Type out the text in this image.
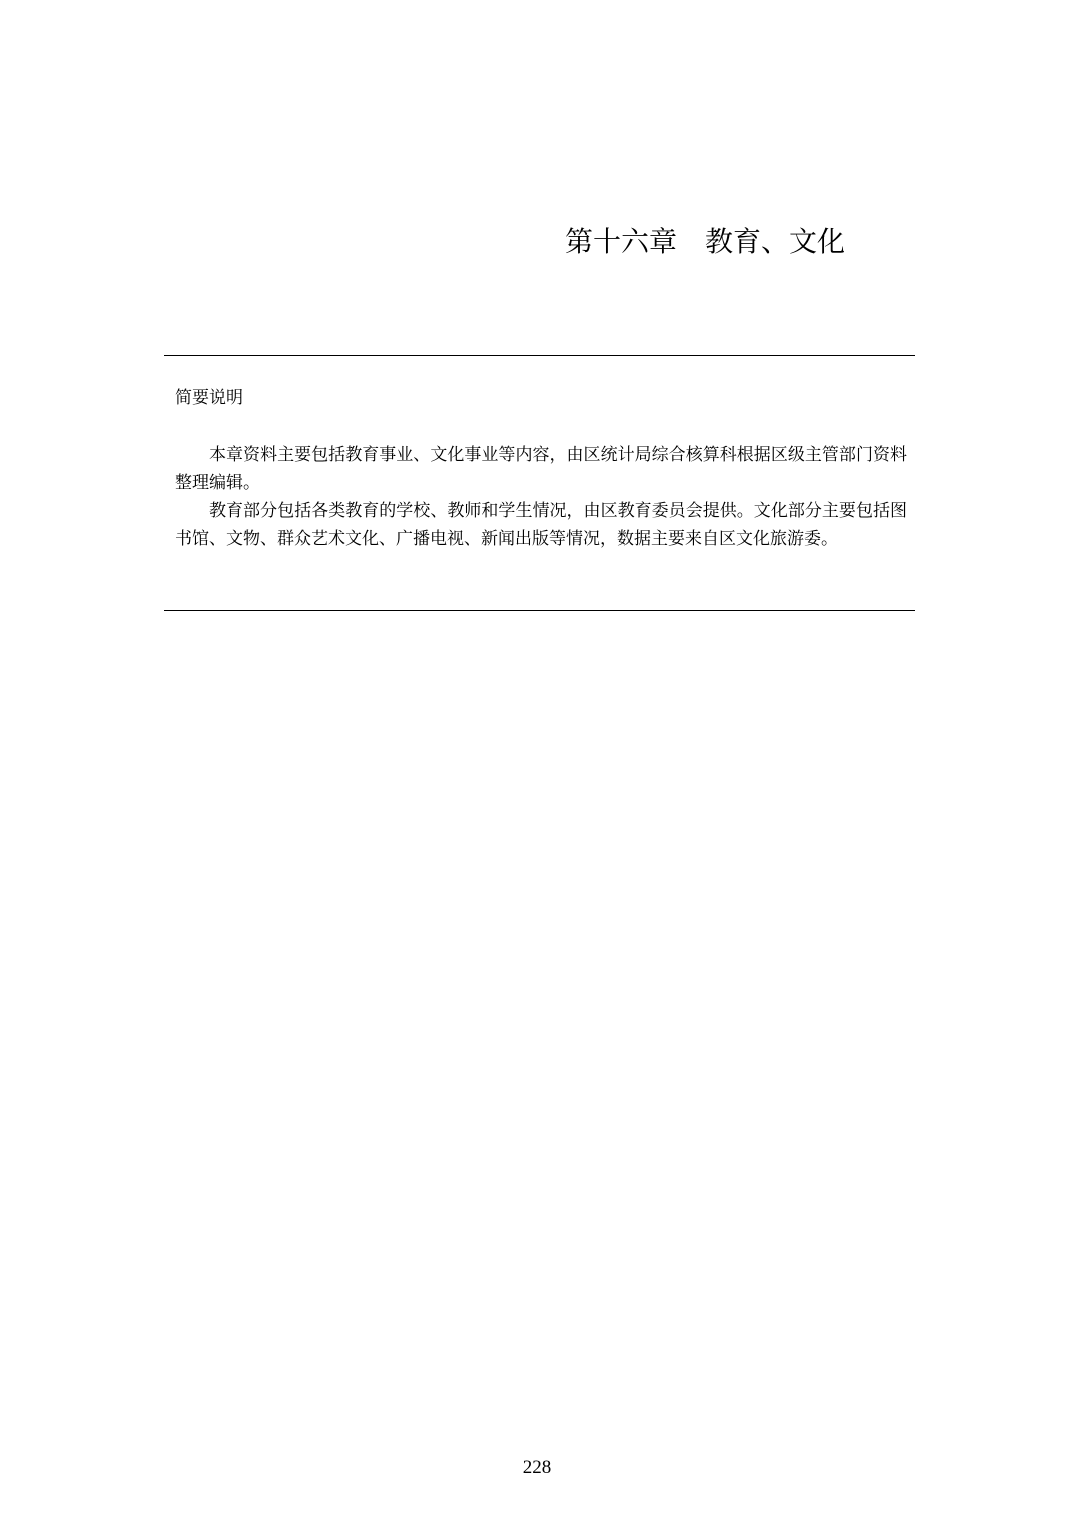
第十六章　教育、文化
简要说明

本章资料主要包括教育事业、文化事业等内容，由区统计局综合核算科根据区级主管部门资料整理编辑。

教育部分包括各类教育的学校、教师和学生情况，由区教育委员会提供。文化部分主要包括图书馆、文物、群众艺术文化、广播电视、新闻出版等情况，数据主要来自区文化旅游委。

228
